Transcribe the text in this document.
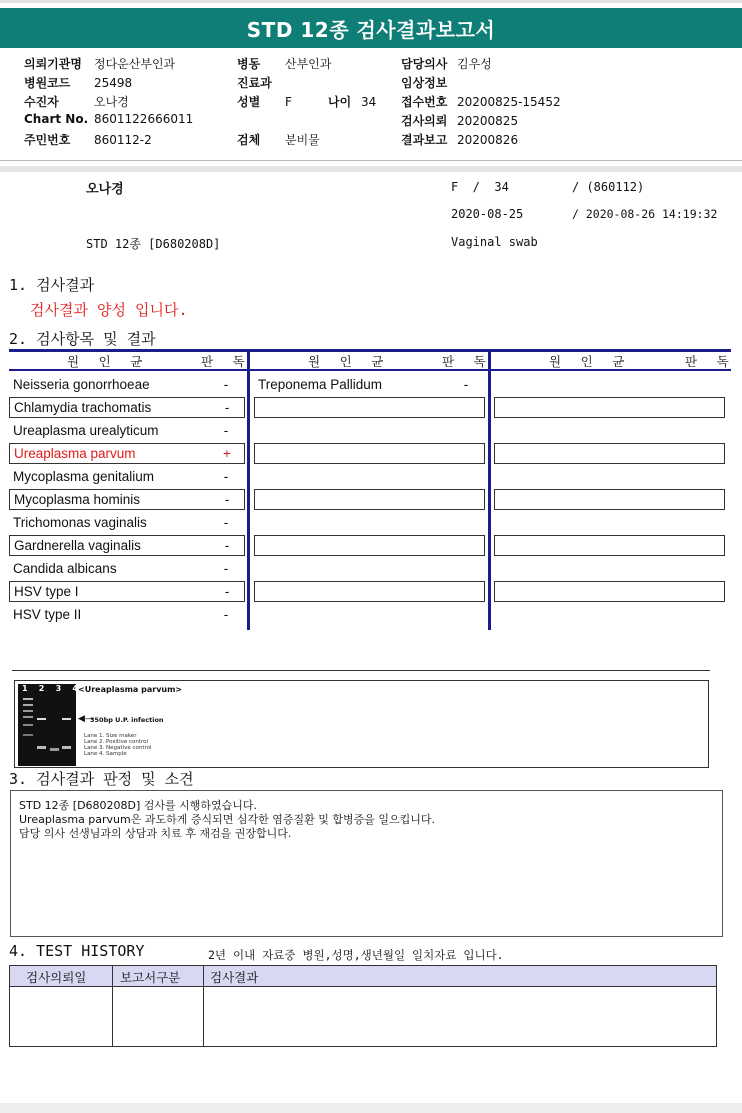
STD 12종 검사결과보고서
의뢰기관명 정다운산부인과
병원코드 25498
수진자	오나경
Chart No. 8601122666011
주민번호 860112-2
병동 산부인과
진료과
성별 F
검체 분비물
나이 34
담당의사 김우성
임상정보
접수번호 20200825-15452
검사의뢰 20200825
결과보고 20200826
오나경	F  /  34	/ (860112)
2020-08-25	/ 2020-08-26 14:19:32
STD 12종 [D680208D]	Vaginal swab
1. 검사결과
검사결과 양성 입니다.
2. 검사항목 및 결과
원 인 균	판 독	원 인 균	판 독	원 인 균	판 독
Neisseria gonorrhoeae	-	Treponema Pallidum	-
Chlamydia trachomatis	-
Ureaplasma urealyticum	-
Ureaplasma parvum	+
Mycoplasma genitalium	-
Mycoplasma hominis	-
Trichomonas vaginalis	-
Gardnerella vaginalis	-
Candida albicans	-
HSV type I	-
HSV type II	-
1 2 3 4 <Ureaplasma parvum>
◀—
350bp U.P. infection
Lane 1. Size maker
Lane 2. Positive control
Lane 3. Negative control
Lane 4. Sample
3. 검사결과 판정 및 소견
STD 12종 [D680208D] 검사를 시행하였습니다.
Ureaplasma parvum은 과도하게 증식되면 심각한 염증질환 및 합병증을 일으킵니다.
담당 의사 선생님과의 상담과 치료 후 재검을 권장합니다.
4. TEST HISTORY	2년 이내 자료중 병원,성명,생년월일 일치자료 입니다.
검사의뢰일	보고서구분 검사결과
